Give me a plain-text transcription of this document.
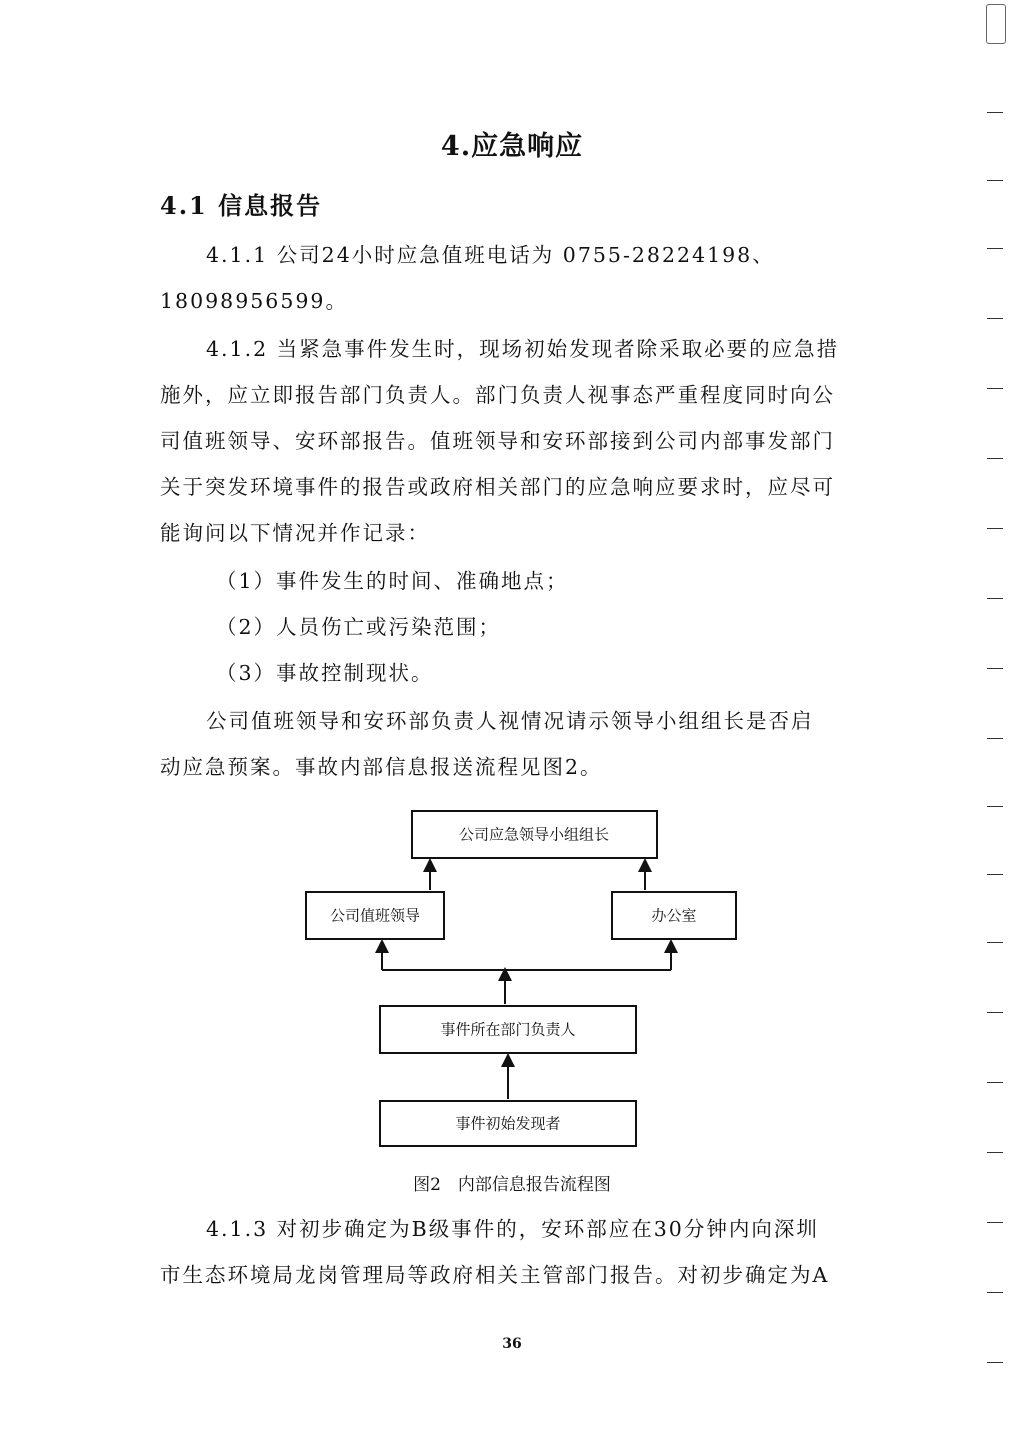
4.应急响应
4.1 信息报告

4.1.1 公司24小时应急值班电话为 0755-28224198、

18098956599。

4.1.2 当紧急事件发生时，现场初始发现者除采取必要的应急措

施外，应立即报告部门负责人。部门负责人视事态严重程度同时向公

司值班领导、安环部报告。值班领导和安环部接到公司内部事发部门

关于突发环境事件的报告或政府相关部门的应急响应要求时，应尽可

能询问以下情况并作记录：

（1）事件发生的时间、准确地点；

（2）人员伤亡或污染范围；

（3）事故控制现状。

公司值班领导和安环部负责人视情况请示领导小组组长是否启

动应急预案。事故内部信息报送流程见图2。

公司应急领导小组组长
公司值班领导	办公室
事件所在部门负责人
事件初始发现者

图2　内部信息报告流程图

4.1.3 对初步确定为B级事件的，安环部应在30分钟内向深圳

市生态环境局龙岗管理局等政府相关主管部门报告。对初步确定为A

36
